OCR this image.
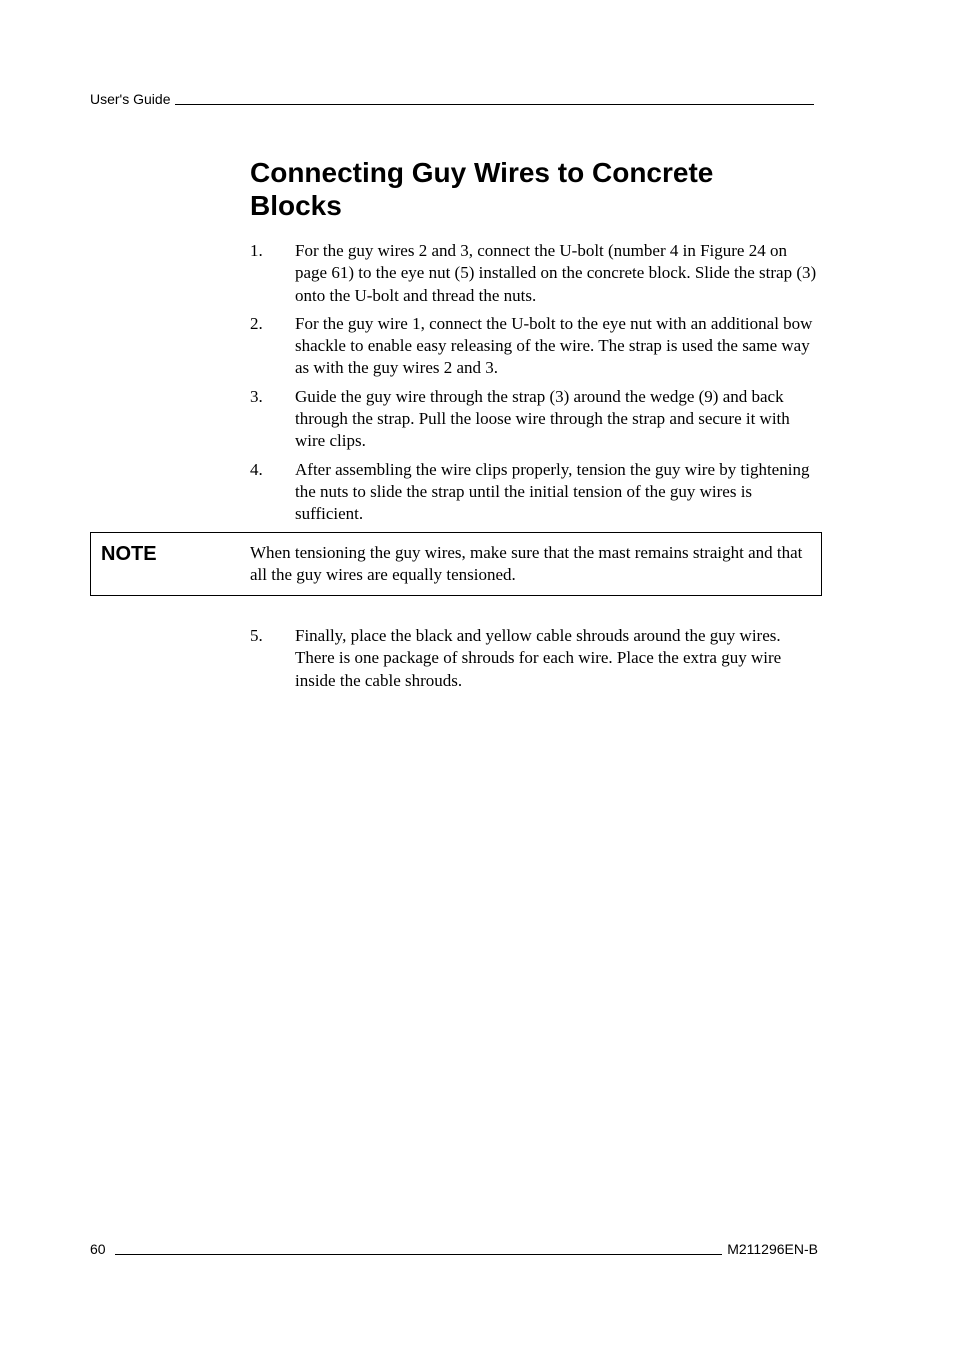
User's Guide
Connecting Guy Wires to Concrete Blocks
1.	For the guy wires 2 and 3, connect the U-bolt (number 4 in Figure 24 on page 61) to the eye nut (5) installed on the concrete block. Slide the strap (3) onto the U-bolt and thread the nuts.
2.	For the guy wire 1, connect the U-bolt to the eye nut with an additional bow shackle to enable easy releasing of the wire. The strap is used the same way as with the guy wires 2 and 3.
3.	Guide the guy wire through the strap (3) around the wedge (9) and back through the strap. Pull the loose wire through the strap and secure it with wire clips.
4.	After assembling the wire clips properly, tension the guy wire by tightening the nuts to slide the strap until the initial tension of the guy wires is sufficient.
NOTE	When tensioning the guy wires, make sure that the mast remains straight and that all the guy wires are equally tensioned.
5.	Finally, place the black and yellow cable shrouds around the guy wires. There is one package of shrouds for each wire. Place the extra guy wire inside the cable shrouds.
60	M211296EN-B
